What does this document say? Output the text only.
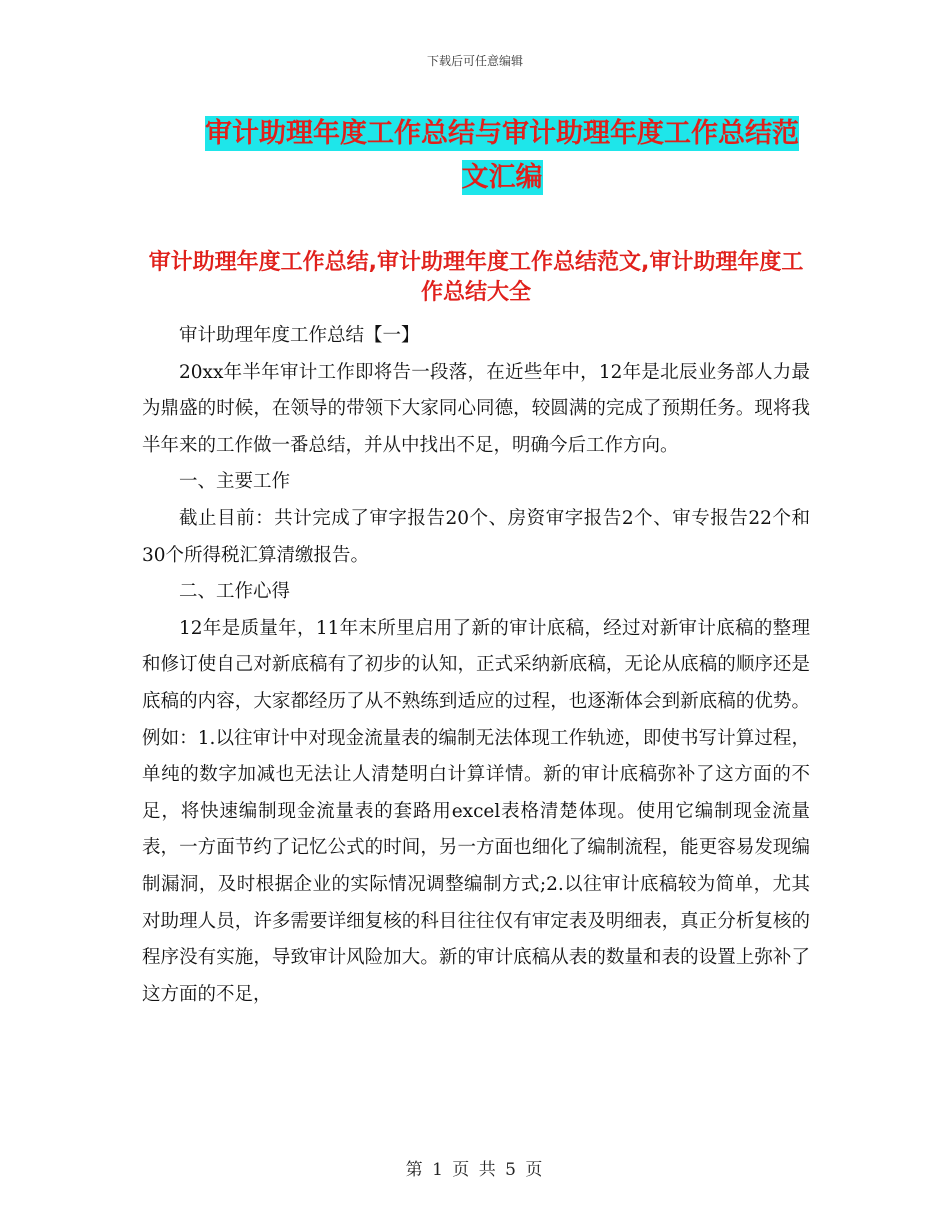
下载后可任意编辑
审计助理年度工作总结与审计助理年度工作总结范文汇编
审计助理年度工作总结,审计助理年度工作总结范文,审计助理年度工作总结大全

审计助理年度工作总结【一】

20xx年半年审计工作即将告一段落，在近些年中，12年是北辰业务部人力最为鼎盛的时候，在领导的带领下大家同心同德，较圆满的完成了预期任务。现将我半年来的工作做一番总结，并从中找出不足，明确今后工作方向。

一、主要工作

截止目前：共计完成了审字报告20个、房资审字报告2个、审专报告22个和30个所得税汇算清缴报告。

二、工作心得

12年是质量年，11年末所里启用了新的审计底稿，经过对新审计底稿的整理和修订使自己对新底稿有了初步的认知，正式采纳新底稿，无论从底稿的顺序还是底稿的内容，大家都经历了从不熟练到适应的过程，也逐渐体会到新底稿的优势。例如：1.以往审计中对现金流量表的编制无法体现工作轨迹，即使书写计算过程，单纯的数字加减也无法让人清楚明白计算详情。新的审计底稿弥补了这方面的不足，将快速编制现金流量表的套路用excel表格清楚体现。使用它编制现金流量表，一方面节约了记忆公式的时间，另一方面也细化了编制流程，能更容易发现编制漏洞，及时根据企业的实际情况调整编制方式;2.以往审计底稿较为简单，尤其对助理人员，许多需要详细复核的科目往往仅有审定表及明细表，真正分析复核的程序没有实施，导致审计风险加大。新的审计底稿从表的数量和表的设置上弥补了这方面的不足，

第 1 页 共 5 页
